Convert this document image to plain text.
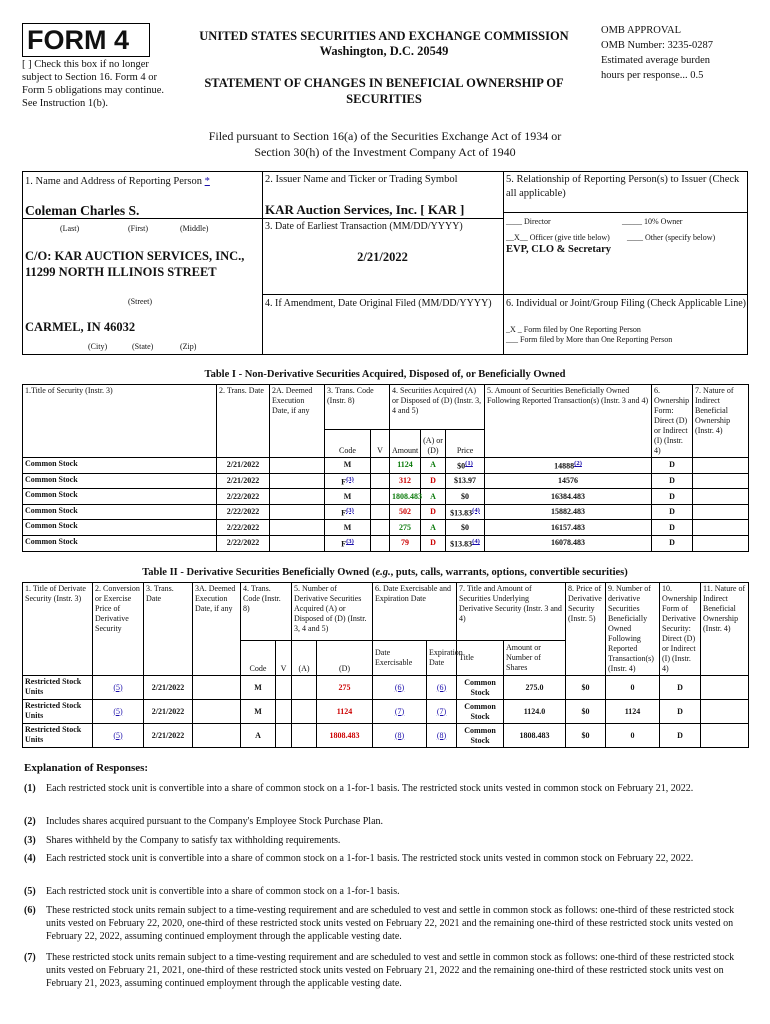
FORM 4
[ ] Check this box if no longer subject to Section 16. Form 4 or Form 5 obligations may continue. See Instruction 1(b).
UNITED STATES SECURITIES AND EXCHANGE COMMISSION
Washington, D.C. 20549
STATEMENT OF CHANGES IN BENEFICIAL OWNERSHIP OF
SECURITIES
OMB APPROVAL
OMB Number: 3235-0287
Estimated average burden
hours per response... 0.5
Filed pursuant to Section 16(a) of the Securities Exchange Act of 1934 or
Section 30(h) of the Investment Company Act of 1940
1. Name and Address of Reporting Person *
Coleman Charles S.
(Last)	(First)	(Middle)
C/O: KAR AUCTION SERVICES, INC., 11299 NORTH ILLINOIS STREET
(Street)
CARMEL, IN 46032
(City)	(State)	(Zip)
2. Issuer Name and Ticker or Trading Symbol
KAR Auction Services, Inc. [ KAR ]
3. Date of Earliest Transaction (MM/DD/YYYY)
2/21/2022
4. If Amendment, Date Original Filed (MM/DD/YYYY)
5. Relationship of Reporting Person(s) to Issuer (Check all applicable)
____ Director	_____ 10% Owner
__X__ Officer (give title below) ____ Other (specify below)
EVP, CLO & Secretary
6. Individual or Joint/Group Filing (Check Applicable Line)
_X _ Form filed by One Reporting Person
___ Form filed by More than One Reporting Person
Table I - Non-Derivative Securities Acquired, Disposed of, or Beneficially Owned
1.Title of Security (Instr. 3)	2. Trans. Date	2A. Deemed Execution Date, if any	3. Trans. Code (Instr. 8)		4. Securities Acquired (A) or Disposed of (D) (Instr. 3, 4 and 5)			5. Amount of Securities Beneficially Owned Following Reported Transaction(s) (Instr. 3 and 4)	6. Ownership Form: Direct (D) or Indirect (I) (Instr. 4)	7. Nature of Indirect Beneficial Ownership (Instr. 4)
			Code	V	Amount	(A) or (D)	Price			
Common Stock	2/21/2022		M		1124	A	$0$^{(1)}$	14888$^{(2)}$	D	
Common Stock	2/21/2022		$F^{(3)}$		312	D	$13.97	14576	D	
Common Stock	2/22/2022		M		1808.483	A	$0	16384.483	D	
Common Stock	2/22/2022		$F^{(3)}$		502	D	$13.83$^{(4)}$	15882.483	D	
Common Stock	2/22/2022		M		275	A	$0	16157.483	D	
Common Stock	2/22/2022		$F^{(3)}$		79	D	$13.83$^{(4)}$	16078.483	D	
Table II - Derivative Securities Beneficially Owned (e.g., puts, calls, warrants, options, convertible securities)
1. Title of Derivate Security (Instr. 3)	2. Conversion or Exercise Price of Derivative Security	3. Trans. Date	3A. Deemed Execution Date, if any	4. Trans. Code (Instr. 8)		5. Number of Derivative Securities Acquired (A) or Disposed of (D) (Instr. 3, 4 and 5)		6. Date Exercisable and Expiration Date		7. Title and Amount of Securities Underlying Derivative Security (Instr. 3 and 4)		8. Price of Derivative Security (Instr. 5)	9. Number of derivative Securities Beneficially Owned Following Reported Transaction(s) (Instr. 4)	10. Ownership Form of Derivative Security: Direct (D) or Indirect (I) (Instr. 4)	11. Nature of Indirect Beneficial Ownership (Instr. 4)
				Code	V	(A)	(D)	Date Exercisable	Expiration Date	Title	Amount or Number of Shares				
Restricted Stock Units	(5)	2/21/2022		M			275	(6)	(6)	Common Stock	275.0	$0	0	D	
Restricted Stock Units	(5)	2/21/2022		M			1124	(7)	(7)	Common Stock	1124.0	$0	1124	D	
Restricted Stock Units	(5)	2/21/2022		A			1808.483	(8)	(8)	Common Stock	1808.483	$0	0	D	
Explanation of Responses:
(1) Each restricted stock unit is convertible into a share of common stock on a 1-for-1 basis. The restricted stock units vested in common stock on February 21, 2022.
(2) Includes shares acquired pursuant to the Company's Employee Stock Purchase Plan.
(3) Shares withheld by the Company to satisfy tax withholding requirements.
(4) Each restricted stock unit is convertible into a share of common stock on a 1-for-1 basis. The restricted stock units vested in common stock on February 22, 2022.
(5) Each restricted stock unit is convertible into a share of common stock on a 1-for-1 basis.
(6) These restricted stock units remain subject to a time-vesting requirement and are scheduled to vest and settle in common stock as follows: one-third of these restricted stock units vested on February 22, 2020, one-third of these restricted stock units vested on February 22, 2021 and the remaining one-third of these restricted stock units vested on February 22, 2022, assuming continued employment through the applicable vesting date.
(7) These restricted stock units remain subject to a time-vesting requirement and are scheduled to vest and settle in common stock as follows: one-third of these restricted stock units vested on February 21, 2021, one-third of these restricted stock units vested on February 21, 2022 and the remaining one-third of these restricted stock units vest on February 21, 2023, assuming continued employment through the applicable vesting date.
